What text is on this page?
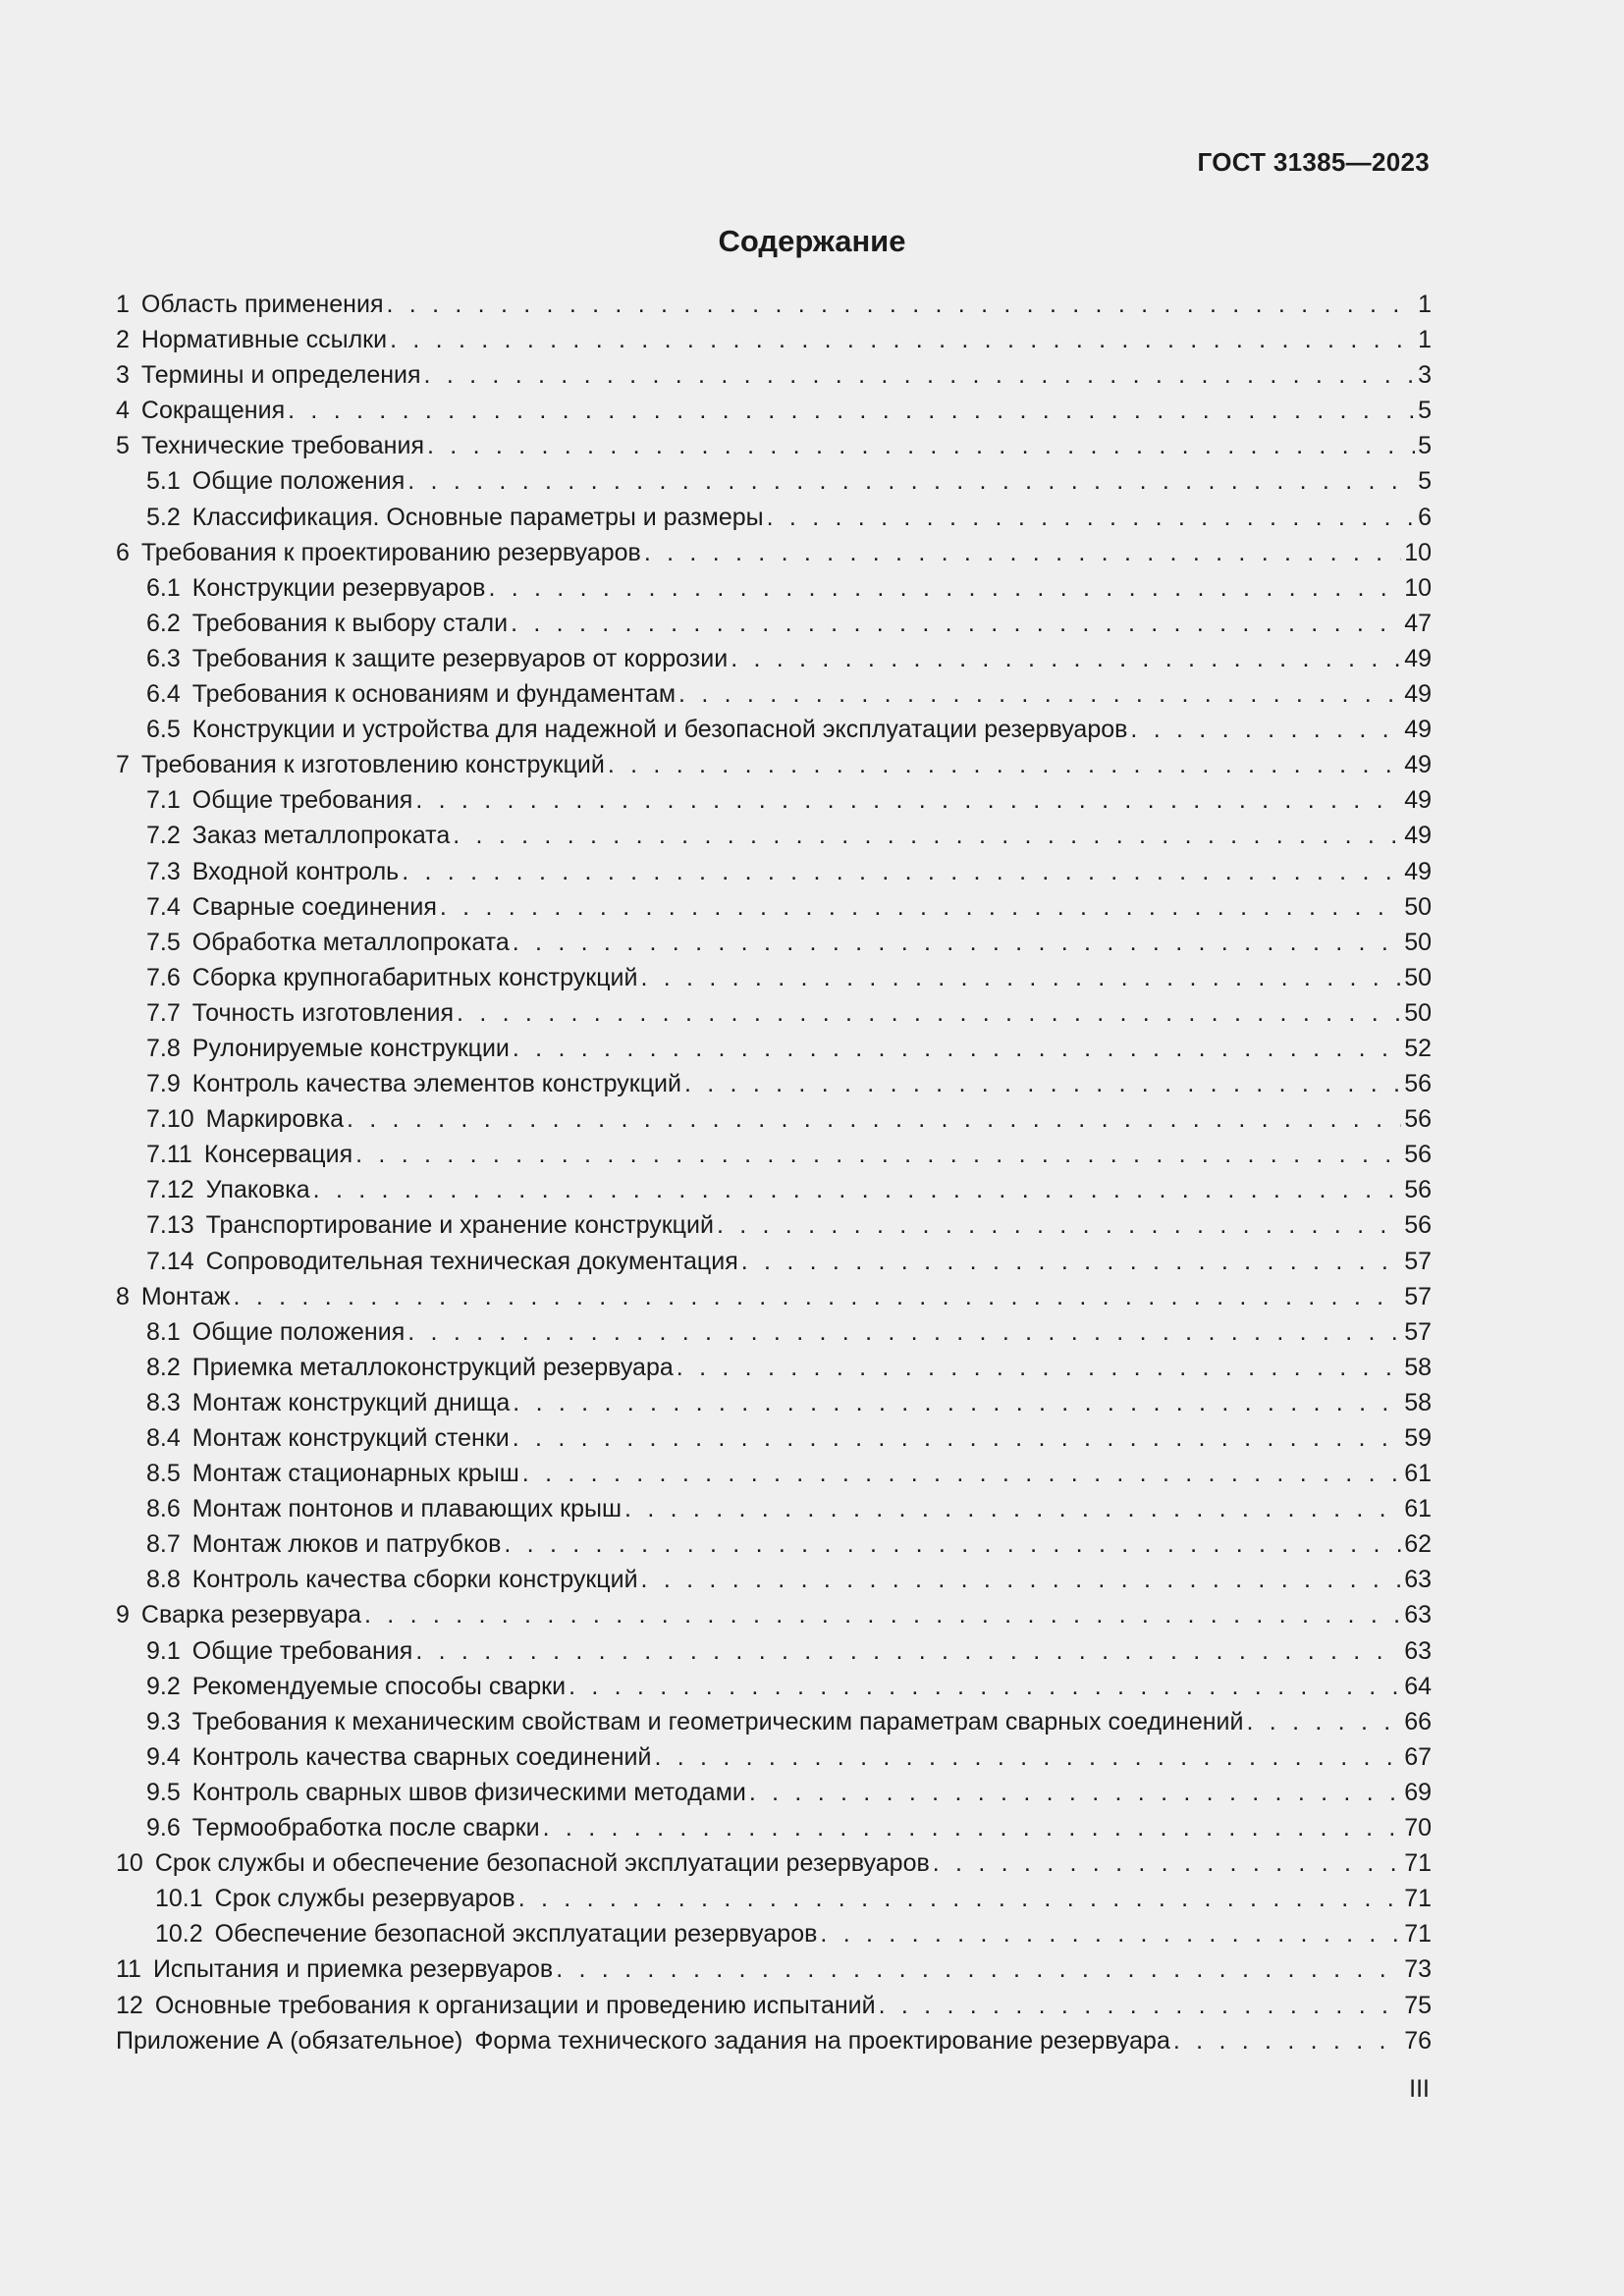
ГОСТ 31385—2023
Содержание
1 Область применения . . .	1
2 Нормативные ссылки . . .	1
3 Термины и определения . . .	3
4 Сокращения . . .	5
5 Технические требования . . .	5
5.1 Общие положения . . .	5
5.2 Классификация. Основные параметры и размеры . . .	6
6 Требования к проектированию резервуаров . . .	10
6.1 Конструкции резервуаров . . .	10
6.2 Требования к выбору стали . . .	47
6.3 Требования к защите резервуаров от коррозии . . .	49
6.4 Требования к основаниям и фундаментам . . .	49
6.5 Конструкции и устройства для надежной и безопасной эксплуатации резервуаров . . .	49
7 Требования к изготовлению конструкций . . .	49
7.1 Общие требования . . .	49
7.2 Заказ металлопроката . . .	49
7.3 Входной контроль . . .	49
7.4 Сварные соединения . . .	50
7.5 Обработка металлопроката . . .	50
7.6 Сборка крупногабаритных конструкций . . .	50
7.7 Точность изготовления . . .	50
7.8 Рулонируемые конструкции . . .	52
7.9 Контроль качества элементов конструкций . . .	56
7.10 Маркировка . . .	56
7.11 Консервация . . .	56
7.12 Упаковка . . .	56
7.13 Транспортирование и хранение конструкций . . .	56
7.14 Сопроводительная техническая документация . . .	57
8 Монтаж . . .	57
8.1 Общие положения . . .	57
8.2 Приемка металлоконструкций резервуара . . .	58
8.3 Монтаж конструкций днища . . .	58
8.4 Монтаж конструкций стенки . . .	59
8.5 Монтаж стационарных крыш . . .	61
8.6 Монтаж понтонов и плавающих крыш . . .	61
8.7 Монтаж люков и патрубков . . .	62
8.8 Контроль качества сборки конструкций . . .	63
9 Сварка резервуара . . .	63
9.1 Общие требования . . .	63
9.2 Рекомендуемые способы сварки . . .	64
9.3 Требования к механическим свойствам и геометрическим параметрам сварных соединений . . .	66
9.4 Контроль качества сварных соединений . . .	67
9.5 Контроль сварных швов физическими методами . . .	69
9.6 Термообработка после сварки . . .	70
10 Срок службы и обеспечение безопасной эксплуатации резервуаров . . .	71
10.1 Срок службы резервуаров . . .	71
10.2 Обеспечение безопасной эксплуатации резервуаров . . .	71
11 Испытания и приемка резервуаров . . .	73
12 Основные требования к организации и проведению испытаний . . .	75
Приложение А (обязательное) Форма технического задания на проектирование резервуара . . .	76
III
